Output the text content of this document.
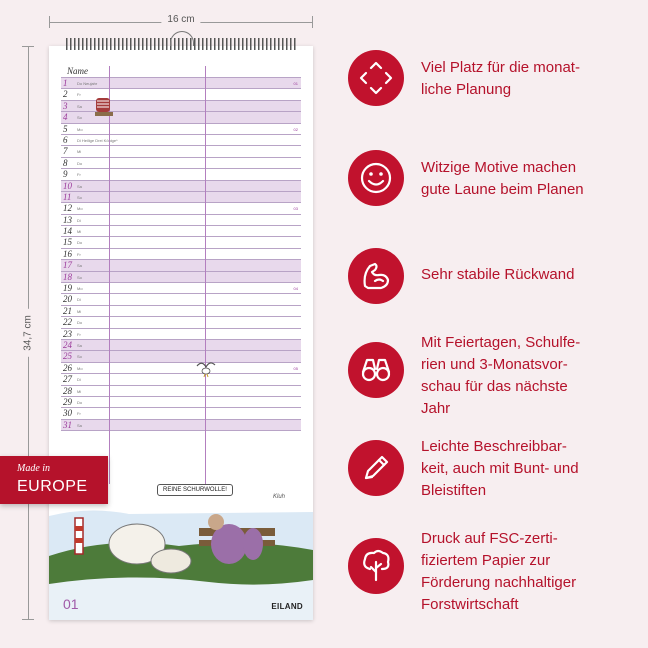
16 cm
34,7 cm
Name
1 Do Neujahr	01
2 Fr
3 Sa
4 So
5 Mo	02
6 Di Heilige Drei Könige*
7 Mi
8 Do
9 Fr
10 Sa
11 So
12 Mo	03
13 Di
14 Mi
15 Do
16 Fr
17 Sa
18 So
19 Mo	04
20 Di
21 Mi
22 Do
23 Fr
24 Sa
25 So
26 Mo	05
27 Di
28 Mi
29 Do
30 Fr
31 Sa
REINE SCHURWOLLE!
Kluh
01	EILAND
Made in
EUROPE
Viel Platz für die monat-
liche Planung
Witzige Motive machen
gute Laune beim Planen
Sehr stabile Rückwand
Mit Feiertagen, Schulfe-
rien und 3-Monatsvor-
schau für das nächste
Jahr
Leichte Beschreibbar-
keit, auch mit Bunt- und
Bleistiften
Druck auf FSC-zerti-
fiziertem Papier zur
Förderung nachhaltiger
Forstwirtschaft
